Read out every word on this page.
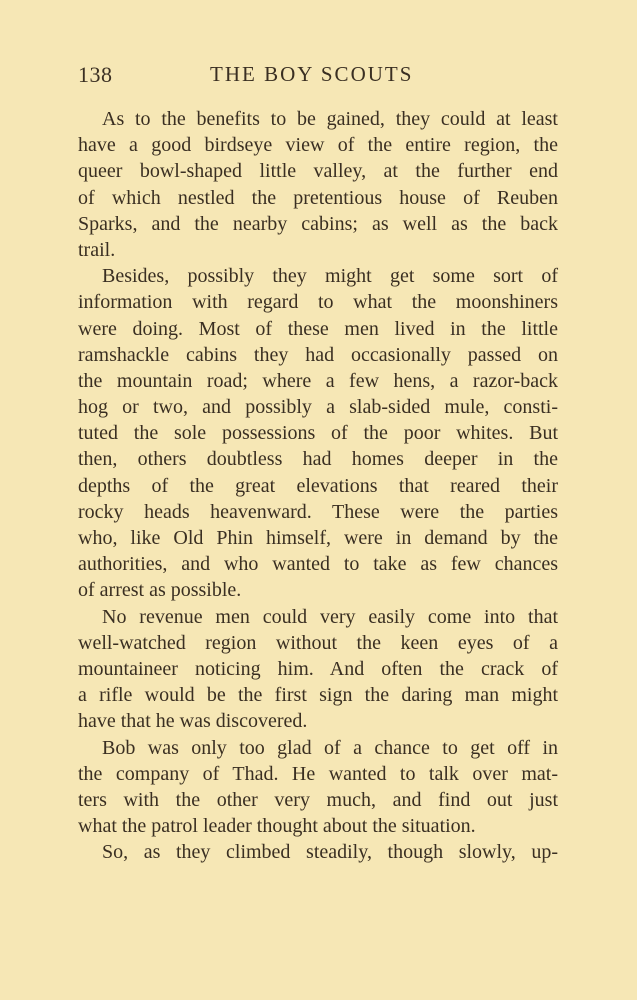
138	THE BOY SCOUTS
As to the benefits to be gained, they could at least
have a good birdseye view of the entire region, the
queer bowl-shaped little valley, at the further end
of which nestled the pretentious house of Reuben
Sparks, and the nearby cabins; as well as the back
trail.
Besides, possibly they might get some sort of
information with regard to what the moonshiners
were doing. Most of these men lived in the little
ramshackle cabins they had occasionally passed on
the mountain road; where a few hens, a razor-back
hog or two, and possibly a slab-sided mule, consti-
tuted the sole possessions of the poor whites. But
then, others doubtless had homes deeper in the
depths of the great elevations that reared their
rocky heads heavenward. These were the parties
who, like Old Phin himself, were in demand by the
authorities, and who wanted to take as few chances
of arrest as possible.
No revenue men could very easily come into that
well-watched region without the keen eyes of a
mountaineer noticing him. And often the crack of
a rifle would be the first sign the daring man might
have that he was discovered.
Bob was only too glad of a chance to get off in
the company of Thad. He wanted to talk over mat-
ters with the other very much, and find out just
what the patrol leader thought about the situation.
So, as they climbed steadily, though slowly, up-
